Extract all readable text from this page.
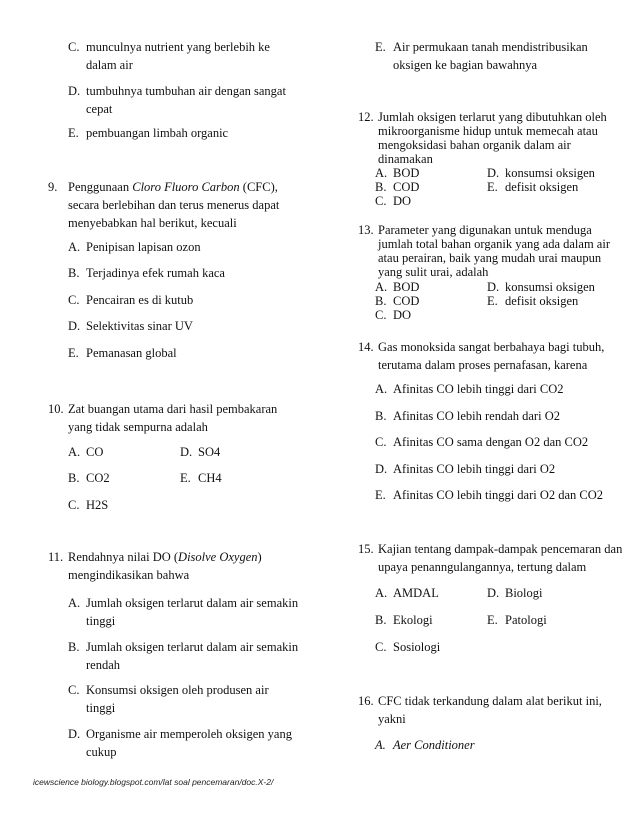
C. munculnya nutrient yang berlebih ke dalam air
D. tumbuhnya tumbuhan air dengan sangat cepat
E. pembuangan limbah organic
9. Penggunaan Cloro Fluoro Carbon (CFC), secara berlebihan dan terus menerus dapat menyebabkan hal berikut, kecuali
A. Penipisan lapisan ozon
B. Terjadinya efek rumah kaca
C. Pencairan es di kutub
D. Selektivitas sinar UV
E. Pemanasan global
10. Zat buangan utama dari hasil pembakaran yang tidak sempurna adalah
A. CO	D. SO4
B. CO2	E. CH4
C. H2S
11. Rendahnya nilai DO (Disolve Oxygen) mengindikasikan bahwa
A. Jumlah oksigen terlarut dalam air semakin tinggi
B. Jumlah oksigen terlarut dalam air semakin rendah
C. Konsumsi oksigen oleh produsen air tinggi
D. Organisme air memperoleh oksigen yang cukup
E. Air permukaan tanah mendistribusikan oksigen ke bagian bawahnya
12. Jumlah oksigen terlarut yang dibutuhkan oleh mikroorganisme hidup untuk memecah atau mengoksidasi bahan organik dalam air dinamakan
A. BOD	D. konsumsi oksigen
B. COD	E. defisit oksigen
C. DO
13. Parameter yang digunakan untuk menduga jumlah total bahan organik yang ada dalam air atau perairan, baik yang mudah urai maupun yang sulit urai, adalah
A. BOD	D. konsumsi oksigen
B. COD	E. defisit oksigen
C. DO
14. Gas monoksida sangat berbahaya bagi tubuh, terutama dalam proses pernafasan, karena
A. Afinitas CO lebih tinggi dari CO2
B. Afinitas CO lebih rendah dari O2
C. Afinitas CO sama dengan O2 dan CO2
D. Afinitas CO lebih tinggi dari O2
E. Afinitas CO lebih tinggi dari O2 dan CO2
15. Kajian tentang dampak-dampak pencemaran dan upaya penanngulangannya, tertung dalam
A. AMDAL	D. Biologi
B. Ekologi	E. Patologi
C. Sosiologi
16. CFC tidak terkandung dalam alat berikut ini, yakni
A. Aer Conditioner
icewscience biology.blogspot.com/lat soal pencemaran/doc.X-2/
